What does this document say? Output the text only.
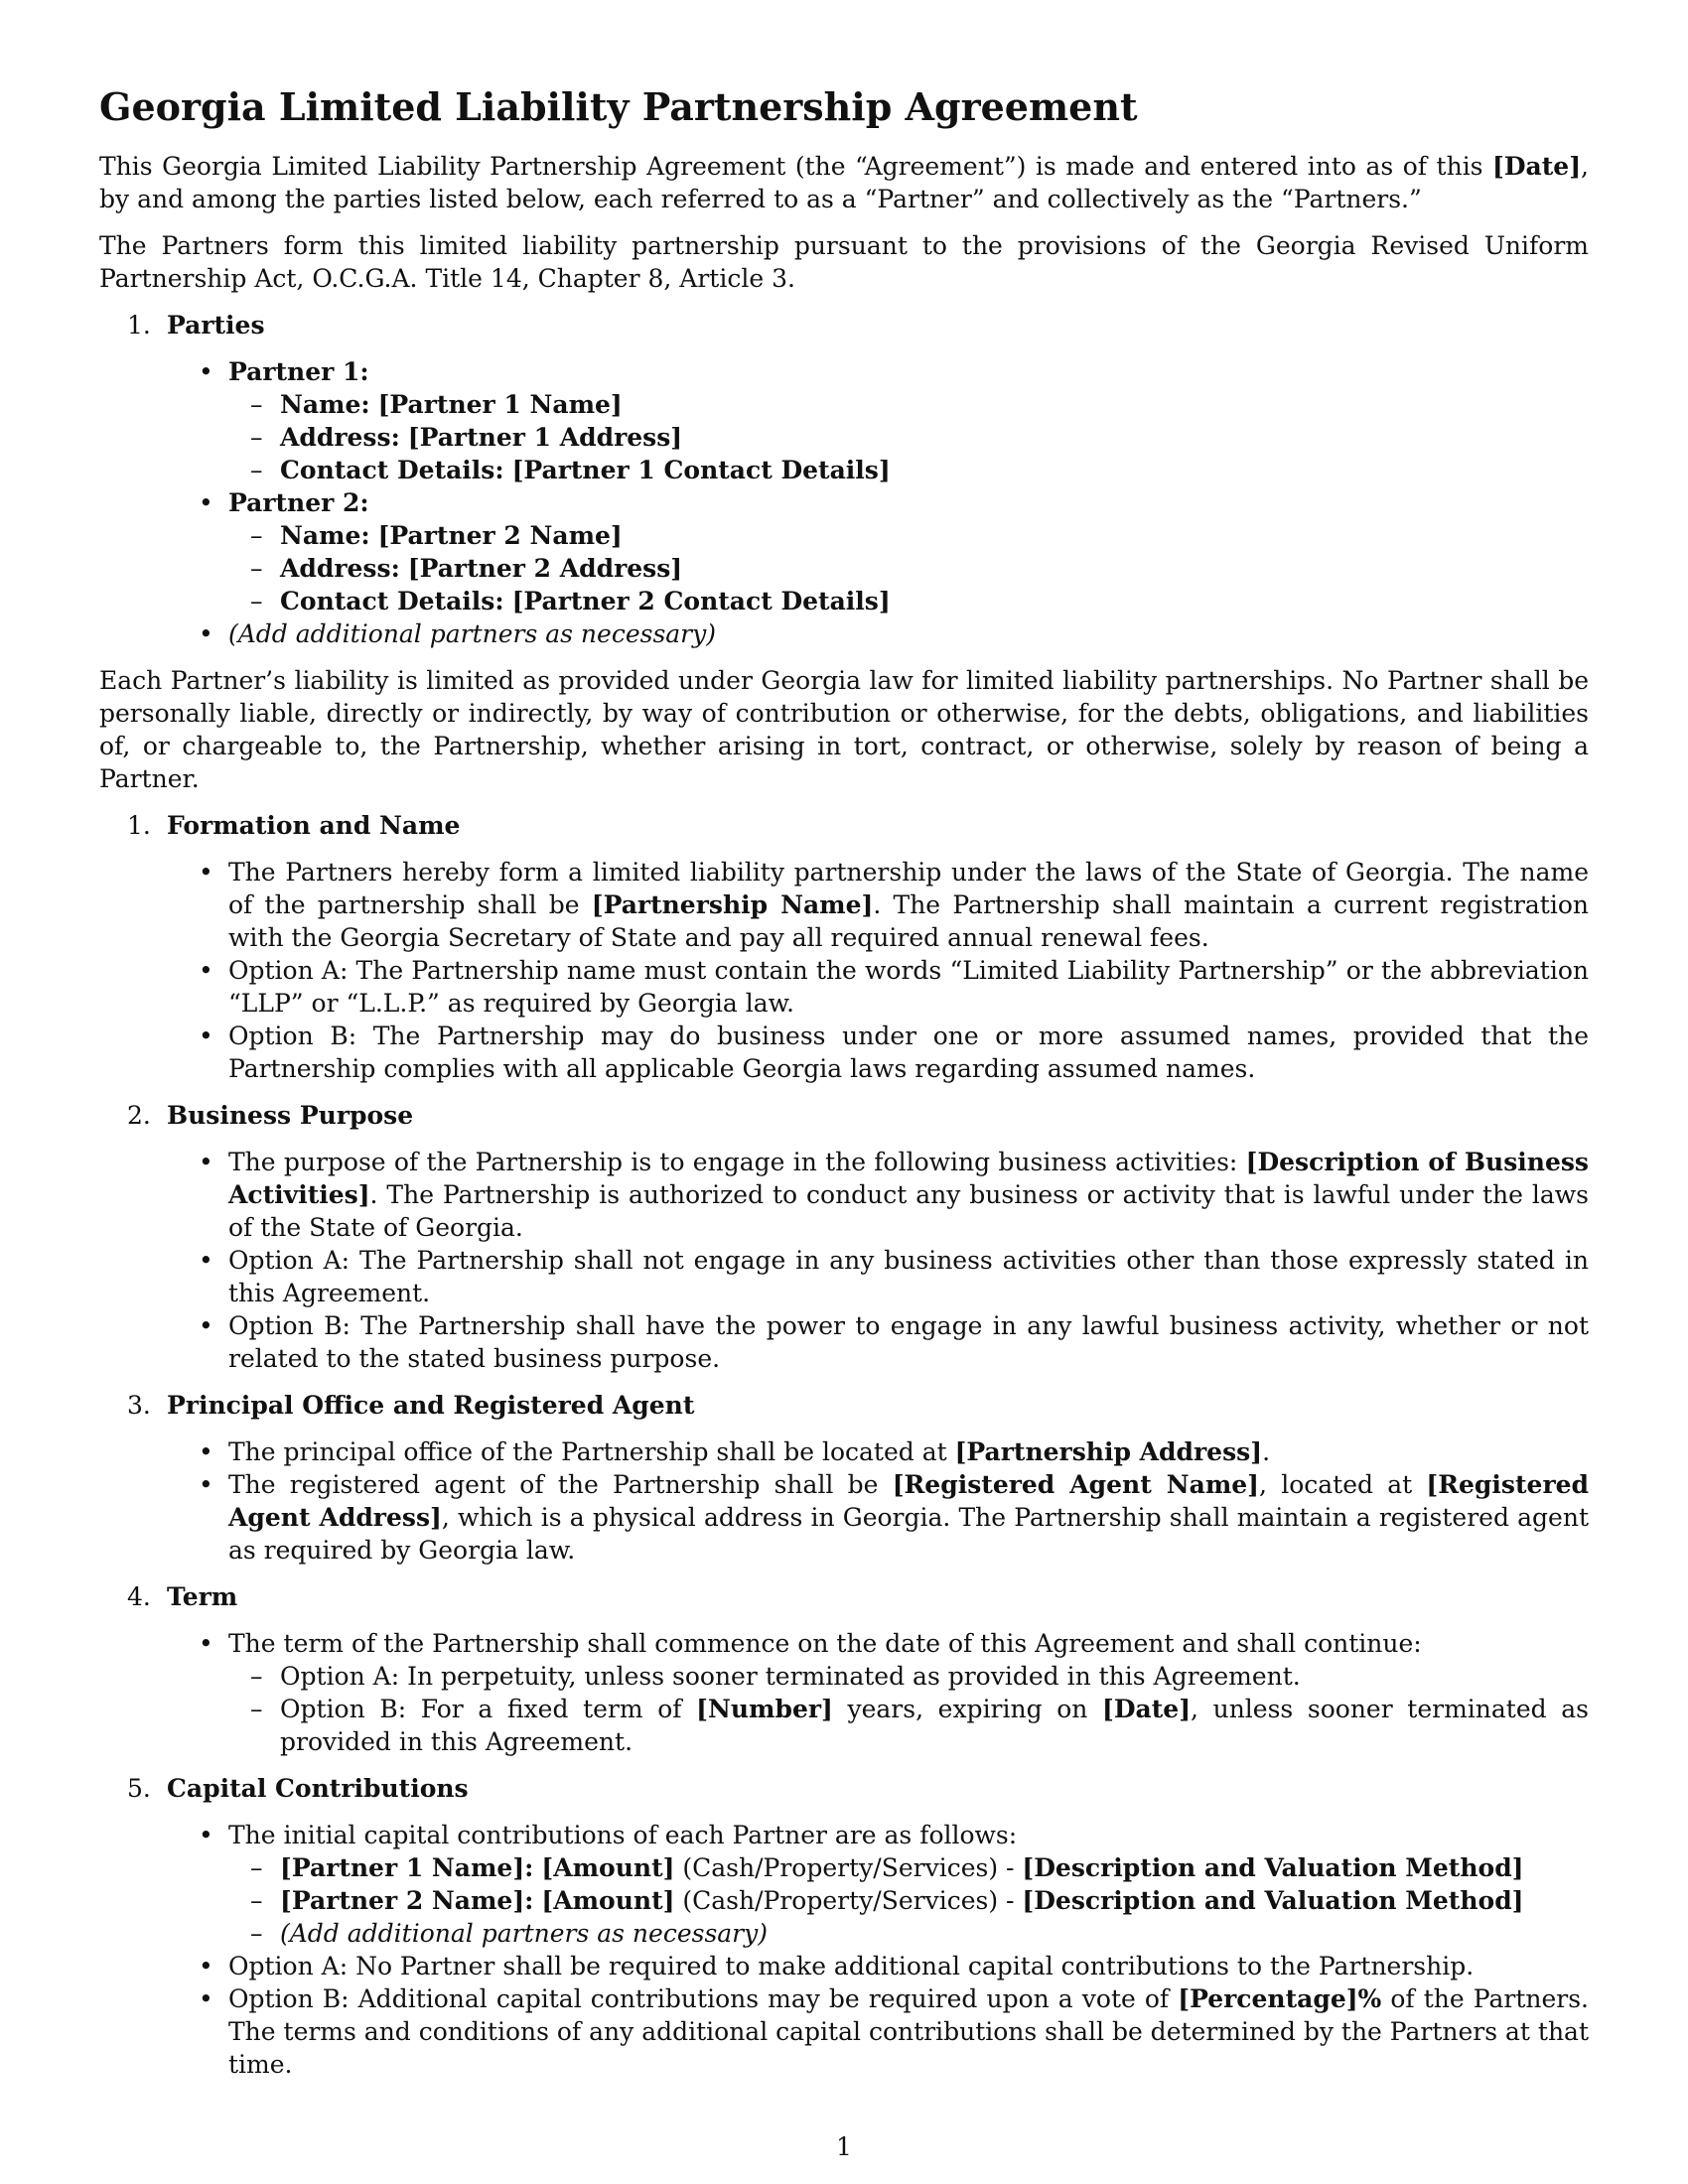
Georgia Limited Liability Partnership Agreement

This Georgia Limited Liability Partnership Agreement (the “Agreement”) is made and entered into as of this [Date], by and among the parties listed below, each referred to as a “Partner” and collectively as the “Partners.”

The Partners form this limited liability partnership pursuant to the provisions of the Georgia Revised Uniform Partnership Act, O.C.G.A. Title 14, Chapter 8, Article 3.

1. Parties
• Partner 1:
– Name: [Partner 1 Name]
– Address: [Partner 1 Address]
– Contact Details: [Partner 1 Contact Details]
• Partner 2:
– Name: [Partner 2 Name]
– Address: [Partner 2 Address]
– Contact Details: [Partner 2 Contact Details]
• (Add additional partners as necessary)

Each Partner’s liability is limited as provided under Georgia law for limited liability partnerships. No Partner shall be personally liable, directly or indirectly, by way of contribution or otherwise, for the debts, obligations, and liabilities of, or chargeable to, the Partnership, whether arising in tort, contract, or otherwise, solely by reason of being a Partner.

1. Formation and Name
• The Partners hereby form a limited liability partnership under the laws of the State of Georgia. The name of the partnership shall be [Partnership Name]. The Partnership shall maintain a current registration with the Georgia Secretary of State and pay all required annual renewal fees.
• Option A: The Partnership name must contain the words “Limited Liability Partnership” or the abbreviation “LLP” or “L.L.P.” as required by Georgia law.
• Option B: The Partnership may do business under one or more assumed names, provided that the Partnership complies with all applicable Georgia laws regarding assumed names.
2. Business Purpose
• The purpose of the Partnership is to engage in the following business activities: [Description of Business Activities]. The Partnership is authorized to conduct any business or activity that is lawful under the laws of the State of Georgia.
• Option A: The Partnership shall not engage in any business activities other than those expressly stated in this Agreement.
• Option B: The Partnership shall have the power to engage in any lawful business activity, whether or not related to the stated business purpose.
3. Principal Office and Registered Agent
• The principal office of the Partnership shall be located at [Partnership Address].
• The registered agent of the Partnership shall be [Registered Agent Name], located at [Registered Agent Address], which is a physical address in Georgia. The Partnership shall maintain a registered agent as required by Georgia law.
4. Term
• The term of the Partnership shall commence on the date of this Agreement and shall continue:
– Option A: In perpetuity, unless sooner terminated as provided in this Agreement.
– Option B: For a fixed term of [Number] years, expiring on [Date], unless sooner terminated as provided in this Agreement.
5. Capital Contributions
• The initial capital contributions of each Partner are as follows:
– [Partner 1 Name]: [Amount] (Cash/Property/Services) - [Description and Valuation Method]
– [Partner 2 Name]: [Amount] (Cash/Property/Services) - [Description and Valuation Method]
– (Add additional partners as necessary)
• Option A: No Partner shall be required to make additional capital contributions to the Partnership.
• Option B: Additional capital contributions may be required upon a vote of [Percentage]% of the Partners. The terms and conditions of any additional capital contributions shall be determined by the Partners at that time.
1
